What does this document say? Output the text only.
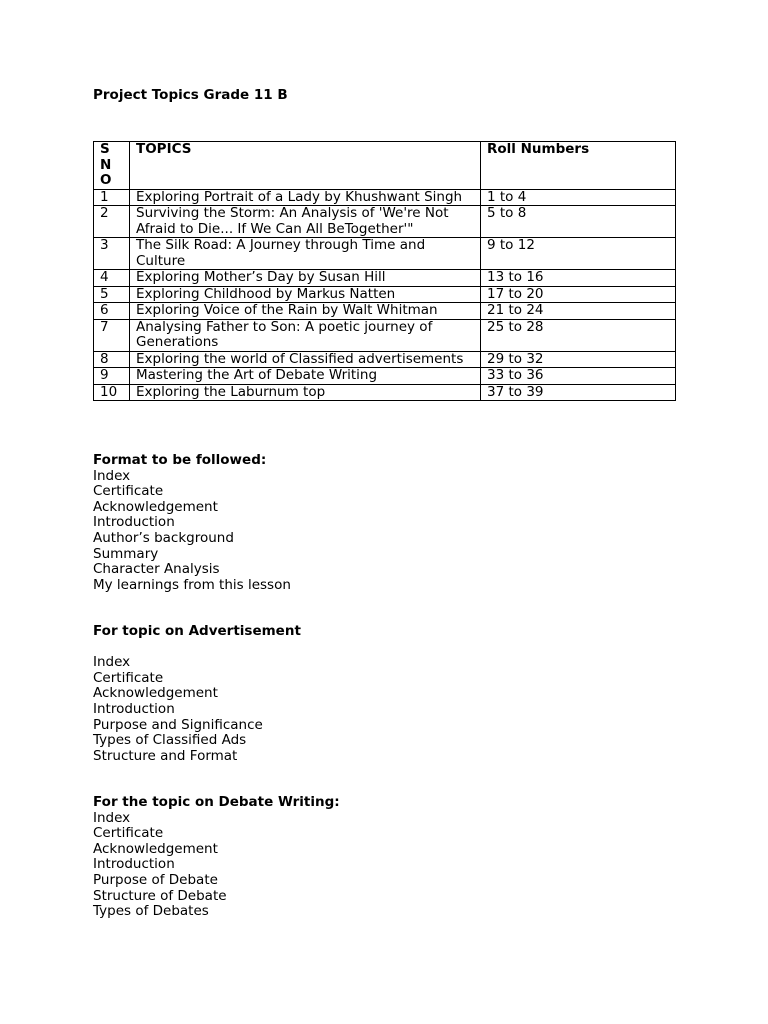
Project Topics Grade 11 B
S
N
O	TOPICS	Roll Numbers
1	Exploring Portrait of a Lady by Khushwant Singh	1 to 4
2	Surviving the Storm: An Analysis of 'We're Not Afraid to Die... If We Can All BeTogether'"	5 to 8
3	The Silk Road: A Journey through Time and Culture	9 to 12
4	Exploring Mother’s Day by Susan Hill	13 to 16
5	Exploring Childhood by Markus Natten	17 to 20
6	Exploring Voice of the Rain by Walt Whitman	21 to 24
7	Analysing Father to Son: A poetic journey of Generations	25 to 28
8	Exploring the world of Classified advertisements	29 to 32
9	Mastering the Art of Debate Writing	33 to 36
10	Exploring the Laburnum top	37 to 39
Format to be followed:
Index
Certificate
Acknowledgement
Introduction
Author’s background
Summary
Character Analysis
My learnings from this lesson
For topic on Advertisement
Index
Certificate
Acknowledgement
Introduction
Purpose and Significance
Types of Classified Ads
Structure and Format
For the topic on Debate Writing:
Index
Certificate
Acknowledgement
Introduction
Purpose of Debate
Structure of Debate
Types of Debates
